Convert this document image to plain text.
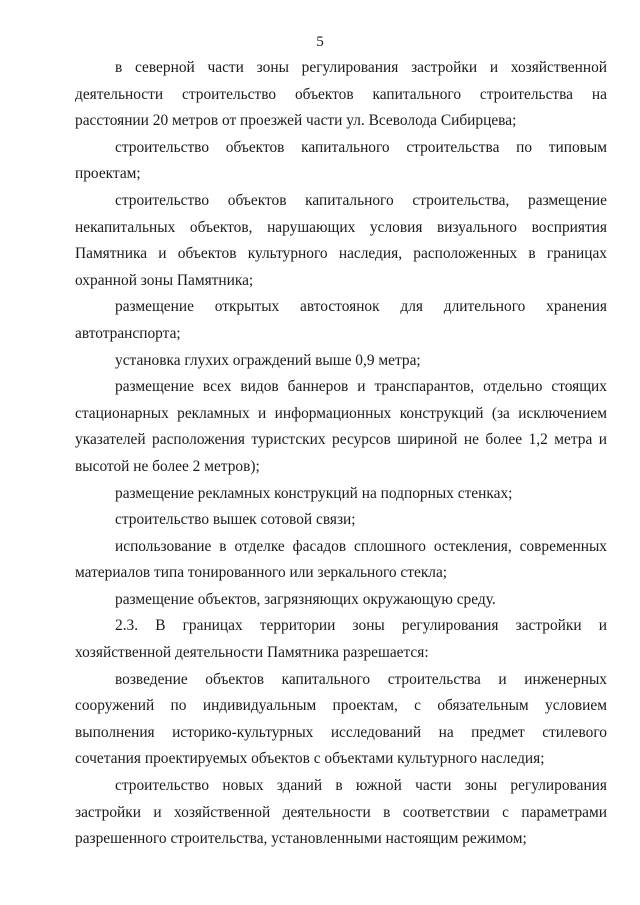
5

в северной части зоны регулирования застройки и хозяйственной деятельности строительство объектов капитального строительства на расстоянии 20 метров от проезжей части ул. Всеволода Сибирцева;

строительство объектов капитального строительства по типовым проектам;

строительство объектов капитального строительства, размещение некапитальных объектов, нарушающих условия визуального восприятия Памятника и объектов культурного наследия, расположенных в границах охранной зоны Памятника;

размещение открытых автостоянок для длительного хранения автотранспорта;

установка глухих ограждений выше 0,9 метра;

размещение всех видов баннеров и транспарантов, отдельно стоящих стационарных рекламных и информационных конструкций (за исключением указателей расположения туристских ресурсов шириной не более 1,2 метра и высотой не более 2 метров);

размещение рекламных конструкций на подпорных стенках;

строительство вышек сотовой связи;

использование в отделке фасадов сплошного остекления, современных материалов типа тонированного или зеркального стекла;

размещение объектов, загрязняющих окружающую среду.

2.3. В границах территории зоны регулирования застройки и хозяйственной деятельности Памятника разрешается:

возведение объектов капитального строительства и инженерных сооружений по индивидуальным проектам, с обязательным условием выполнения историко-культурных исследований на предмет стилевого сочетания проектируемых объектов с объектами культурного наследия;

строительство новых зданий в южной части зоны регулирования застройки и хозяйственной деятельности в соответствии с параметрами разрешенного строительства, установленными настоящим режимом;
